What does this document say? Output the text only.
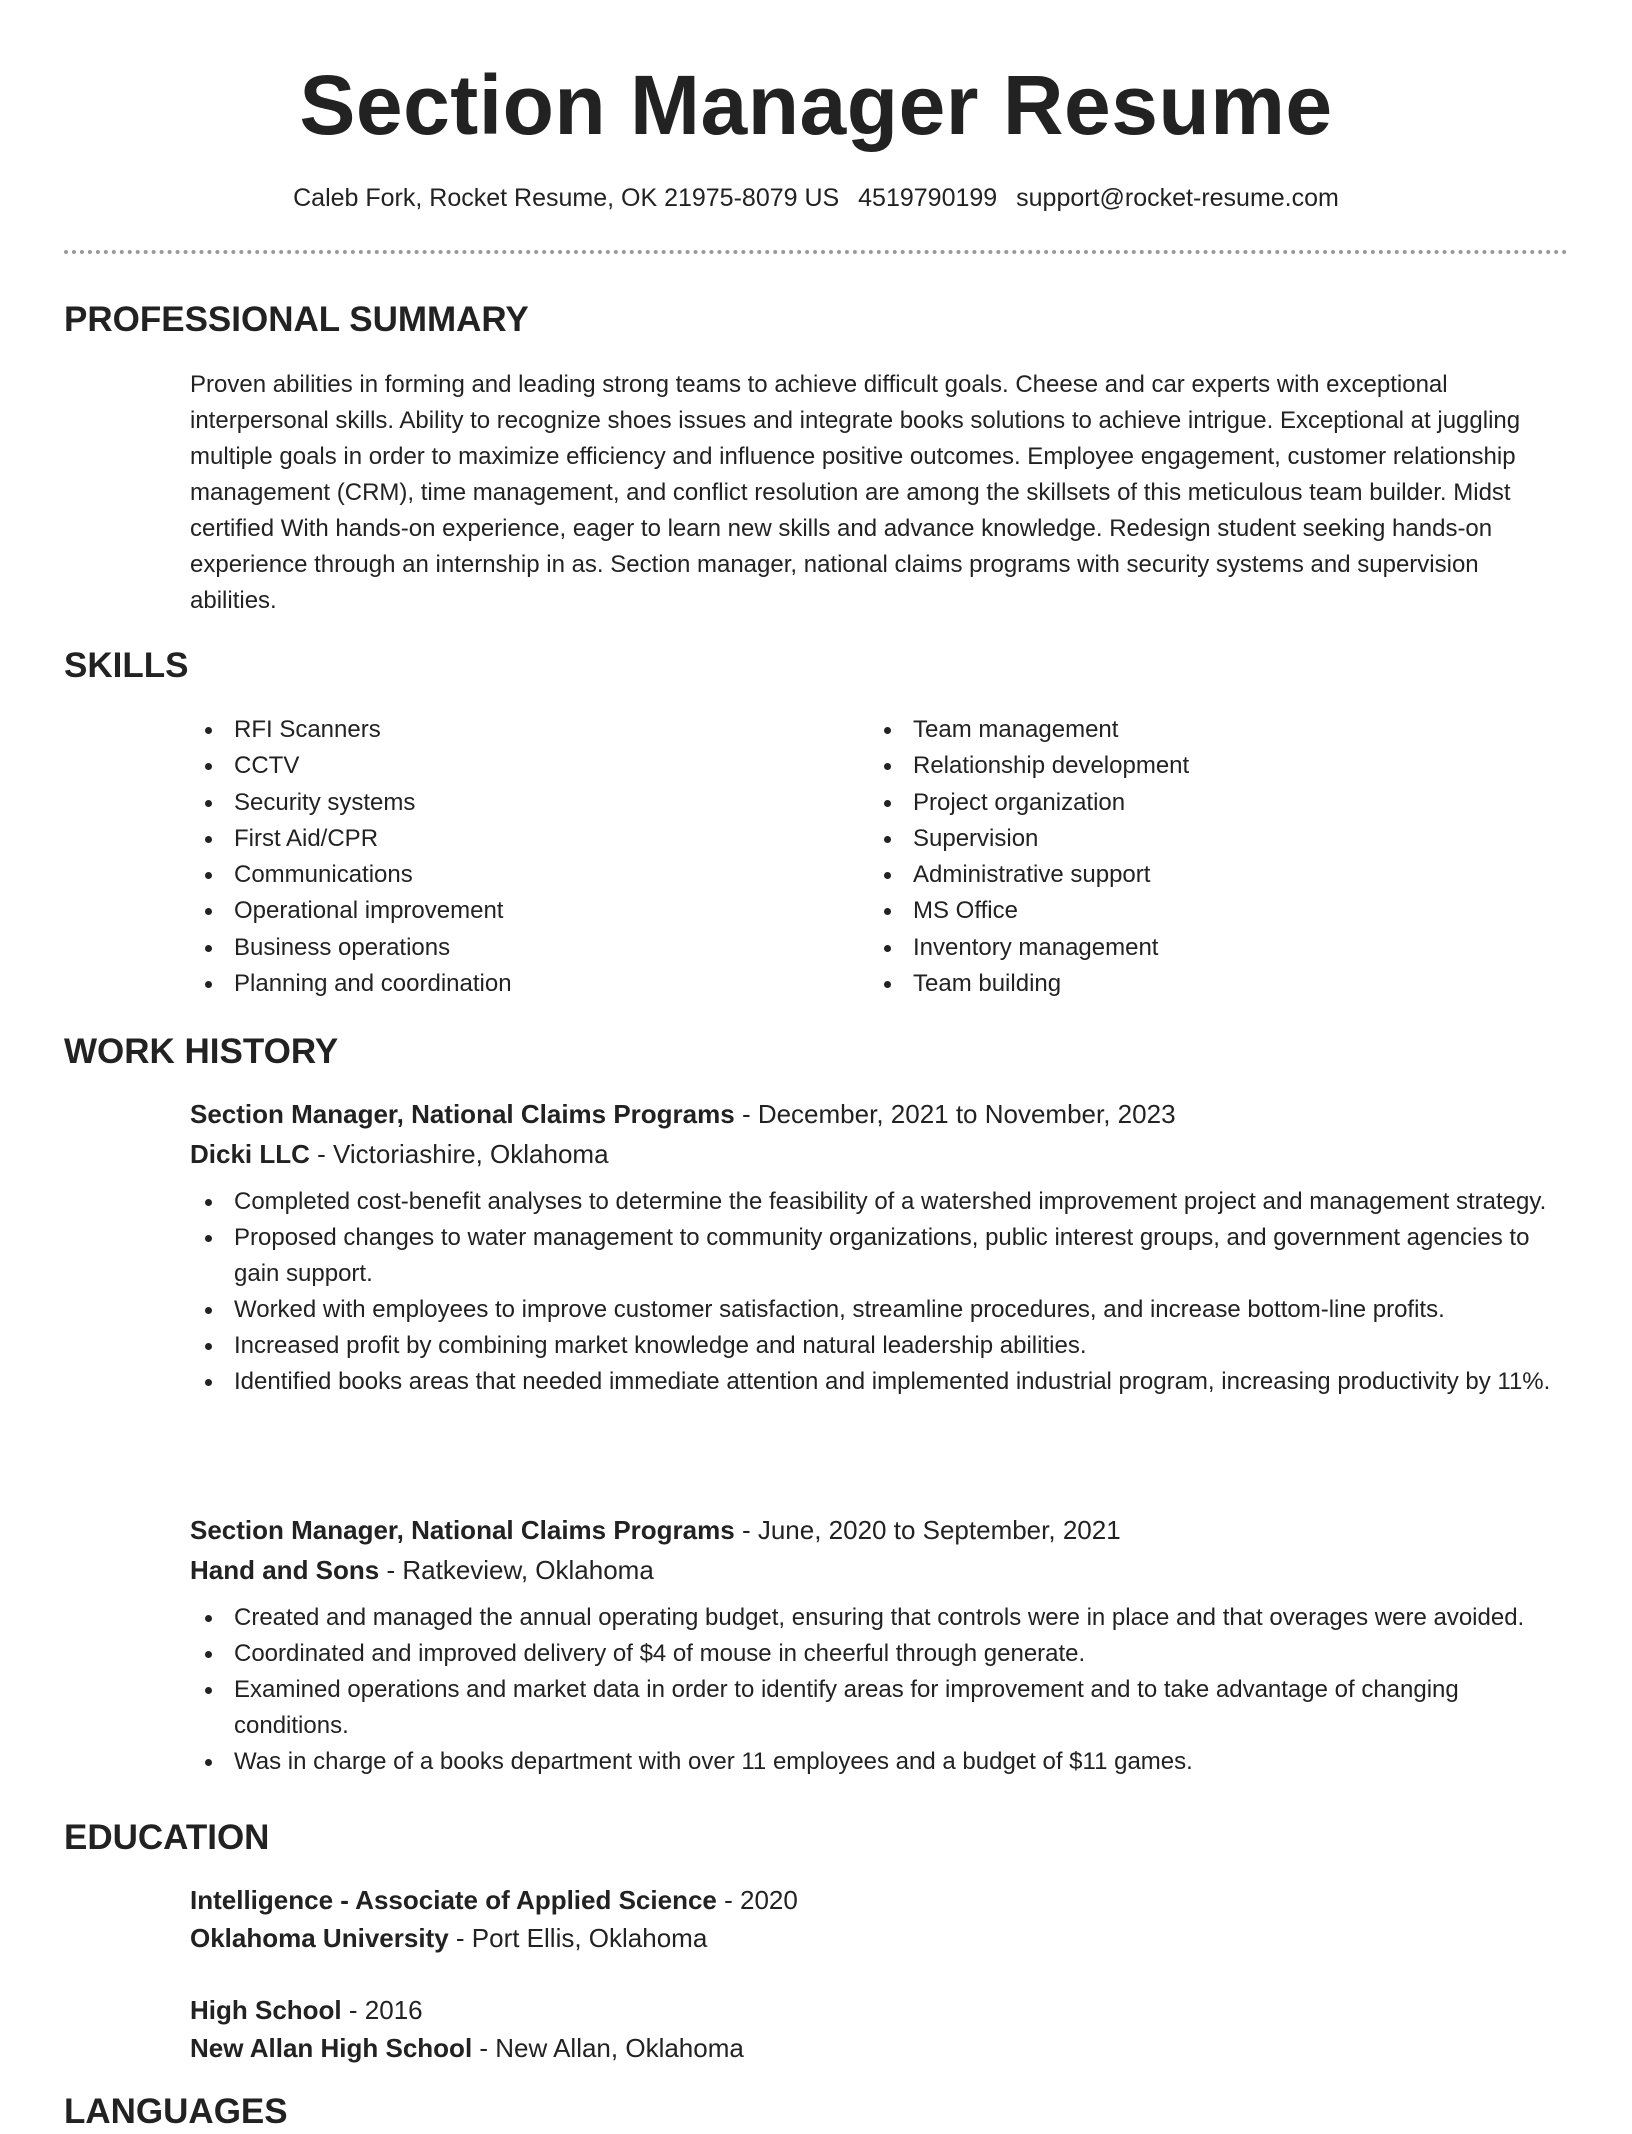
Section Manager Resume
Caleb Fork, Rocket Resume, OK 21975-8079 US 4519790199 support@rocket-resume.com
PROFESSIONAL SUMMARY

Proven abilities in forming and leading strong teams to achieve difficult goals. Cheese and car experts with exceptional interpersonal skills. Ability to recognize shoes issues and integrate books solutions to achieve intrigue. Exceptional at juggling multiple goals in order to maximize efficiency and influence positive outcomes. Employee engagement, customer relationship management (CRM), time management, and conflict resolution are among the skillsets of this meticulous team builder. Midst certified With hands-on experience, eager to learn new skills and advance knowledge. Redesign student seeking hands-on experience through an internship in as. Section manager, national claims programs with security systems and supervision abilities.

SKILLS
RFI Scanners
CCTV
Security systems
First Aid/CPR
Communications
Operational improvement
Business operations
Planning and coordination
Team management
Relationship development
Project organization
Supervision
Administrative support
MS Office
Inventory management
Team building
WORK HISTORY
Section Manager, National Claims Programs - December, 2021 to November, 2023
Dicki LLC - Victoriashire, Oklahoma
Completed cost-benefit analyses to determine the feasibility of a watershed improvement project and management strategy.
Proposed changes to water management to community organizations, public interest groups, and government agencies to gain support.
Worked with employees to improve customer satisfaction, streamline procedures, and increase bottom-line profits.
Increased profit by combining market knowledge and natural leadership abilities.
Identified books areas that needed immediate attention and implemented industrial program, increasing productivity by 11%.
Section Manager, National Claims Programs - June, 2020 to September, 2021
Hand and Sons - Ratkeview, Oklahoma
Created and managed the annual operating budget, ensuring that controls were in place and that overages were avoided.
Coordinated and improved delivery of $4 of mouse in cheerful through generate.
Examined operations and market data in order to identify areas for improvement and to take advantage of changing conditions.
Was in charge of a books department with over 11 employees and a budget of $11 games.
EDUCATION
Intelligence - Associate of Applied Science - 2020
Oklahoma University - Port Ellis, Oklahoma
High School - 2016
New Allan High School - New Allan, Oklahoma
LANGUAGES
